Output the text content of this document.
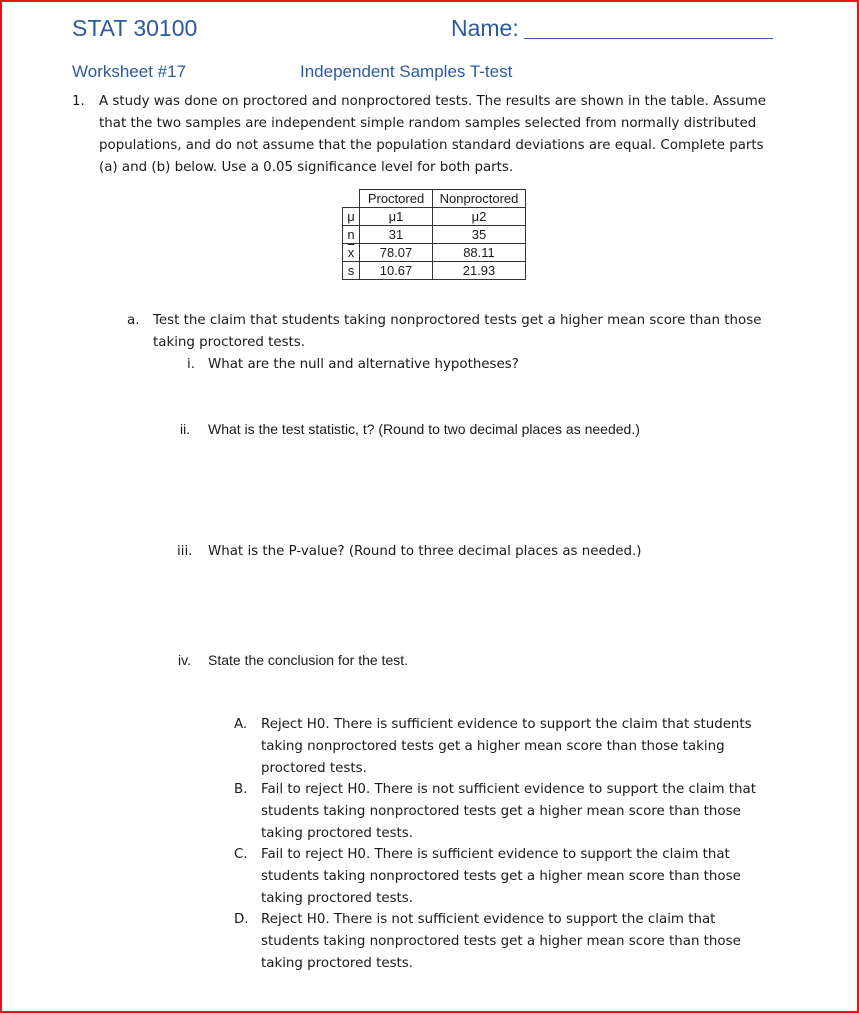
STAT 30100	Name:
Worksheet #17	Independent Samples T-test
1. A study was done on proctored and nonproctored tests. The results are shown in the table. Assume
that the two samples are independent simple random samples selected from normally distributed
populations, and do not assume that the population standard deviations are equal. Complete parts
(a) and (b) below. Use a 0.05 significance level for both parts.
	Proctored	Nonproctored
μ	μ1	μ2
n	31	35
$\overline{x}$	78.07	88.11
s	10.67	21.93
a. Test the claim that students taking nonproctored tests get a higher mean score than those
taking proctored tests.
i. What are the null and alternative hypotheses?
ii. What is the test statistic, t? (Round to two decimal places as needed.)
iii. What is the P-value? (Round to three decimal places as needed.)
iv. State the conclusion for the test.
A. Reject H0. There is sufficient evidence to support the claim that students
taking nonproctored tests get a higher mean score than those taking
proctored tests.
B. Fail to reject H0. There is not sufficient evidence to support the claim that
students taking nonproctored tests get a higher mean score than those
taking proctored tests.
C. Fail to reject H0. There is sufficient evidence to support the claim that
students taking nonproctored tests get a higher mean score than those
taking proctored tests.
D. Reject H0. There is not sufficient evidence to support the claim that
students taking nonproctored tests get a higher mean score than those
taking proctored tests.
